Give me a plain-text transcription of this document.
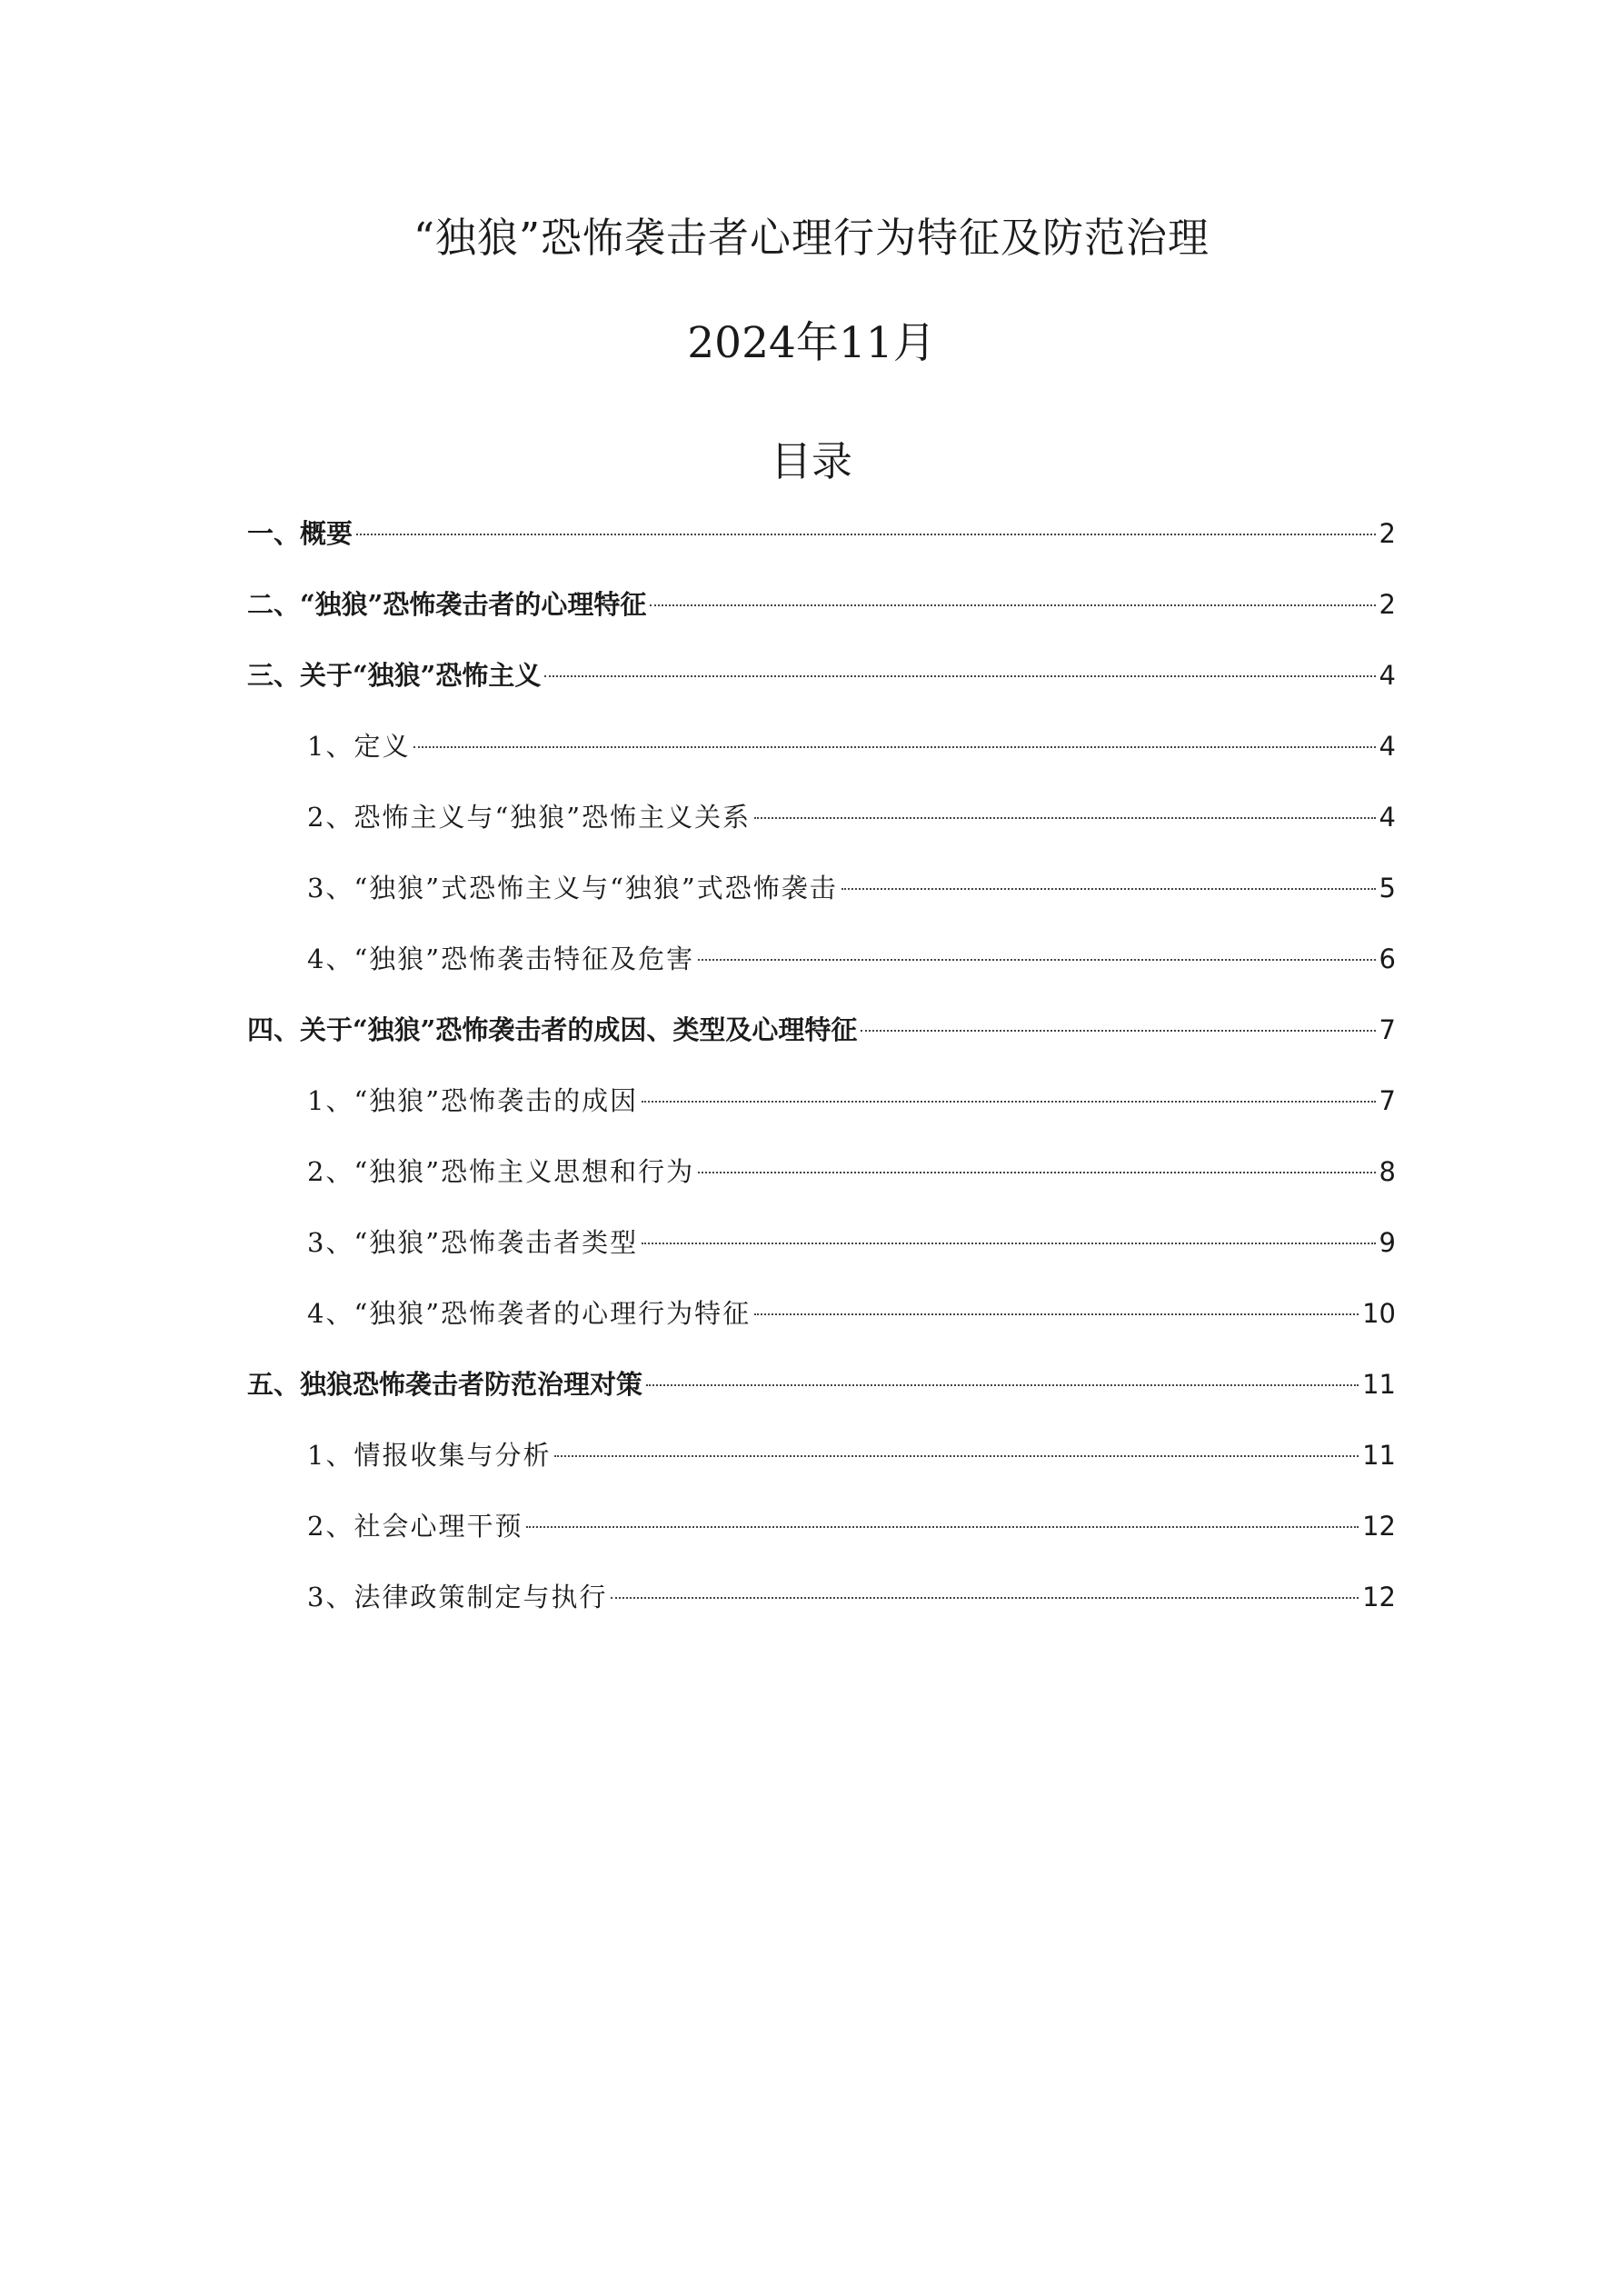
“独狼”恐怖袭击者心理行为特征及防范治理
2024年11月
目录
一、概要	2
二、“独狼”恐怖袭击者的心理特征	2
三、关于“独狼”恐怖主义	4
1、定义	4
2、恐怖主义与“独狼”恐怖主义关系	4
3、“独狼”式恐怖主义与“独狼”式恐怖袭击	5
4、“独狼”恐怖袭击特征及危害	6
四、关于“独狼”恐怖袭击者的成因、类型及心理特征	7
1、“独狼”恐怖袭击的成因	7
2、“独狼”恐怖主义思想和行为	8
3、“独狼”恐怖袭击者类型	9
4、“独狼”恐怖袭者的心理行为特征	10
五、独狼恐怖袭击者防范治理对策	11
1、情报收集与分析	11
2、社会心理干预	12
3、法律政策制定与执行	12
